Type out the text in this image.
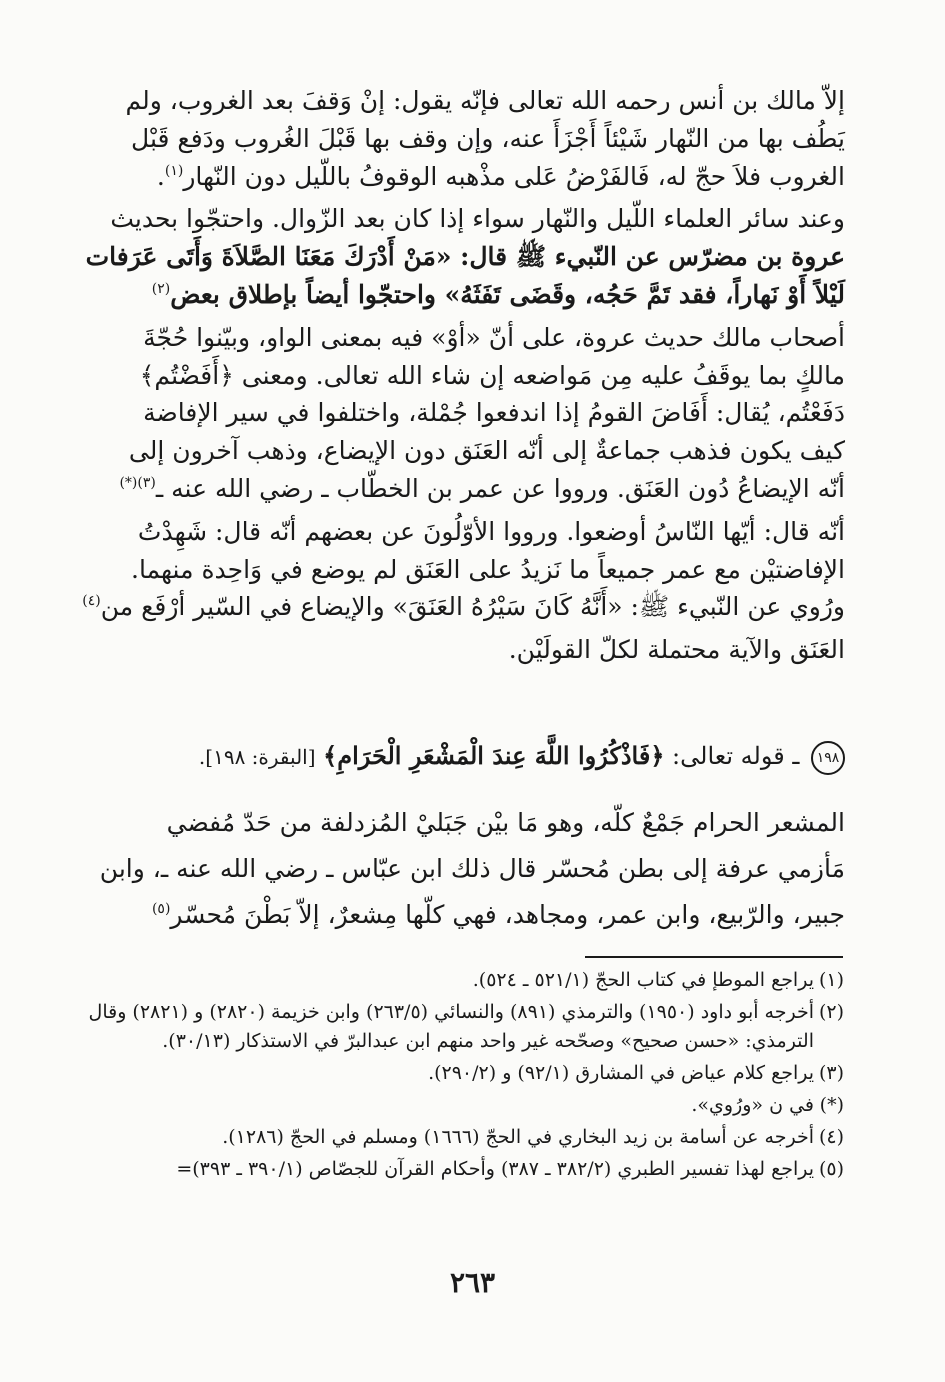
إلاّ مالك بن أنس رحمه الله تعالى فإنّه يقول: إنْ وَقفَ بعد الغروب، ولم

يَطُف بها من النّهار شَيْئاً أَجْزَأَ عنه، وإن وقف بها قَبْلَ الغُروب ودَفع قَبْل

الغروب فلاَ حجّ له، فَالفَرْضُ عَلى مذْهبه الوقوفُ باللّيل دون النّهار$^{(١)}$.

وعند سائر العلماء اللّيل والنّهار سواء إذا كان بعد الزّوال. واحتجّوا بحديث

عروة بن مضرّس عن النّبيء ﷺ قال: «مَنْ أَدْرَكَ مَعَنَا الصَّلاَةَ وَأَتَى عَرَفات

لَيْلاً أَوْ نَهاراً، فقد تَمَّ حَجُه، وقَضَى تَفَثَهُ» واحتجّوا أيضاً بإطلاق بعض$^{(٢)}$

أصحاب مالك حديث عروة، على أنّ «أوْ» فيه بمعنى الواو، وبيّنوا حُجّةَ

مالكٍ بما يوقَفُ عليه مِن مَواضعه إن شاء الله تعالى. ومعنى ﴿أَفَضْتُم﴾

دَفَعْتُم، يُقال: أَفَاضَ القومُ إذا اندفعوا جُمْلة، واختلفوا في سير الإفاضة

كيف يكون فذهب جماعةٌ إلى أنّه العَنَق دون الإيضاع، وذهب آخرون إلى

أنّه الإيضاعُ دُون العَنَق. ورووا عن عمر بن الخطّاب ـ رضي الله عنه ـ$^{(٣)(*)}$

أنّه قال: أيّها النّاسُ أوضعوا. ورووا الأوّلُونَ عن بعضهم أنّه قال: شَهِدْتُ

الإفاضتيْن مع عمر جميعاً ما نَزيدُ على العَنَق لم يوضع في وَاحِدة منهما.

ورُوي عن النّبيء ﷺ: «أَنَّهُ كَانَ سَيْرُهُ العَنَقَ» والإيضاع في السّير أرْفَع من$^{(٤)}$

العَنَق والآية محتملة لكلّ القولَيْن.

١٩٨ ـ قوله تعالى: ﴿فَاذْكُرُوا اللَّهَ عِندَ الْمَشْعَرِ الْحَرَامِ﴾ [البقرة: ١٩٨].

المشعر الحرام جَمْعٌ كلّه، وهو مَا بيْن جَبَليْ المُزدلفة من حَدّ مُفضي

مَأزمي عرفة إلى بطن مُحسّر قال ذلك ابن عبّاس ـ رضي الله عنه ـ، وابن

جبير، والرّبيع، وابن عمر، ومجاهد، فهي كلّها مِشعرٌ، إلاّ بَطْنَ مُحسّر$^{(٥)}$

(١)
يراجع الموطإ في كتاب الحجّ (٥٢١/١ ـ ٥٢٤).
(٢)
أخرجه أبو داود (١٩٥٠) والترمذي (٨٩١) والنسائي (٢٦٣/٥) وابن خزيمة (٢٨٢٠) و (٢٨٢١) وقال الترمذي: «حسن صحيح» وصحّحه غير واحد منهم ابن عبدالبرّ في الاستذكار (٣٠/١٣).
(٣)
يراجع كلام عياض في المشارق (٩٢/١) و (٢٩٠/٢).
(*)
في ن «ورُوي».
(٤)
أخرجه عن أسامة بن زيد البخاري في الحجّ (١٦٦٦) ومسلم في الحجّ (١٢٨٦).
(٥)
يراجع لهذا تفسير الطبري (٣٨٢/٢ ـ ٣٨٧) وأحكام القرآن للجصّاص (٣٩٠/١ ـ ٣٩٣)=
٢٦٣
